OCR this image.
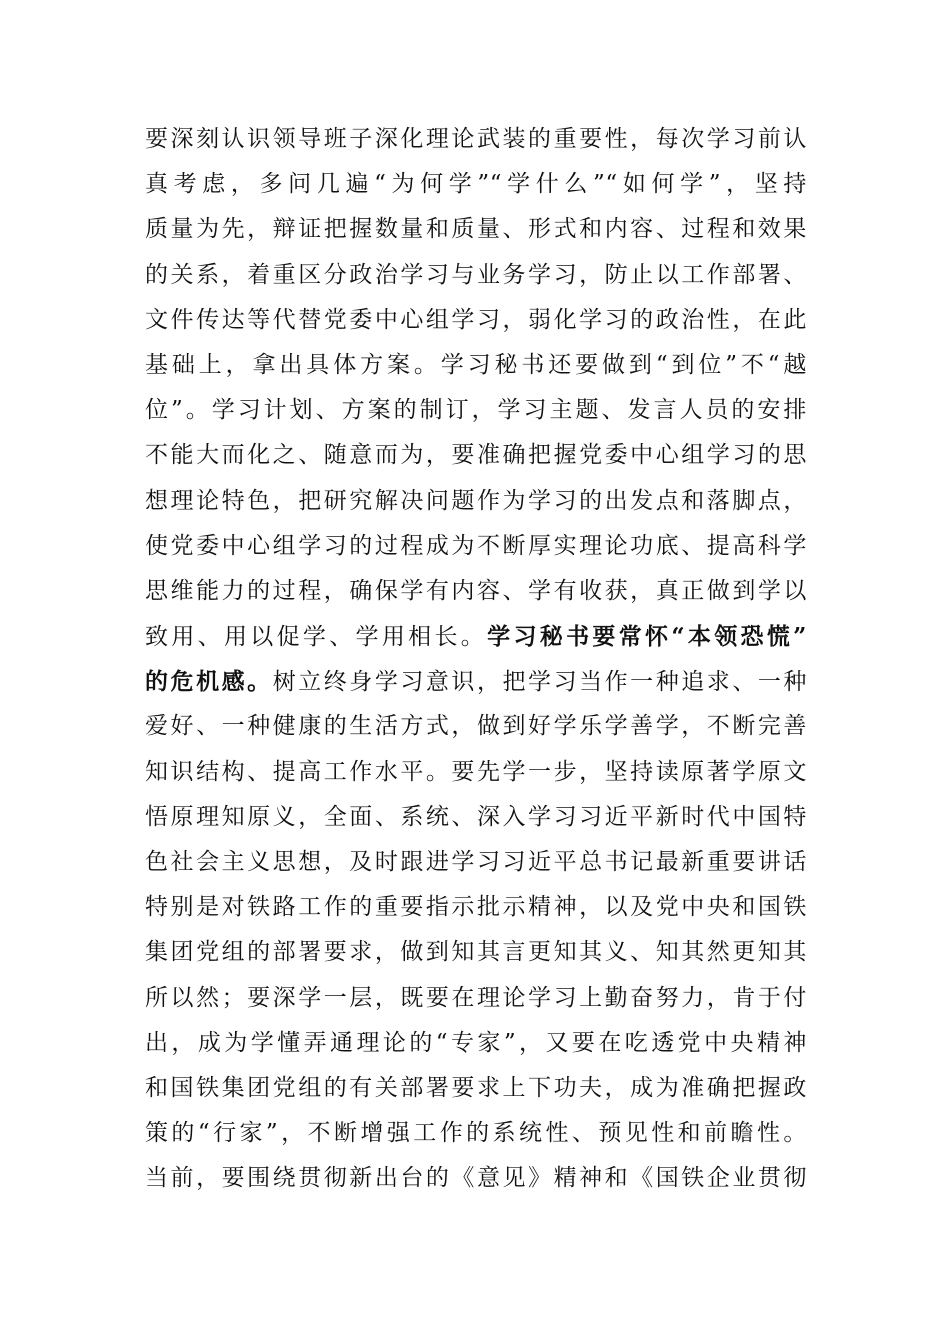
要深刻认识领导班子深化理论武装的重要性，每次学习前认
真考虑，多问几遍“为何学”“学什么”“如何学”，坚持
质量为先，辩证把握数量和质量、形式和内容、过程和效果
的关系，着重区分政治学习与业务学习，防止以工作部署、
文件传达等代替党委中心组学习，弱化学习的政治性，在此
基础上，拿出具体方案。学习秘书还要做到“到位”不“越
位”。学习计划、方案的制订，学习主题、发言人员的安排
不能大而化之、随意而为，要准确把握党委中心组学习的思
想理论特色，把研究解决问题作为学习的出发点和落脚点，
使党委中心组学习的过程成为不断厚实理论功底、提高科学
思维能力的过程，确保学有内容、学有收获，真正做到学以
致用、用以促学、学用相长。学习秘书要常怀“本领恐慌”
的危机感。树立终身学习意识，把学习当作一种追求、一种
爱好、一种健康的生活方式，做到好学乐学善学，不断完善
知识结构、提高工作水平。要先学一步，坚持读原著学原文
悟原理知原义，全面、系统、深入学习习近平新时代中国特
色社会主义思想，及时跟进学习习近平总书记最新重要讲话
特别是对铁路工作的重要指示批示精神，以及党中央和国铁
集团党组的部署要求，做到知其言更知其义、知其然更知其
所以然；要深学一层，既要在理论学习上勤奋努力，肯于付
出，成为学懂弄通理论的“专家”，又要在吃透党中央精神
和国铁集团党组的有关部署要求上下功夫，成为准确把握政
策的“行家”，不断增强工作的系统性、预见性和前瞻性。
当前，要围绕贯彻新出台的《意见》精神和《国铁企业贯彻
